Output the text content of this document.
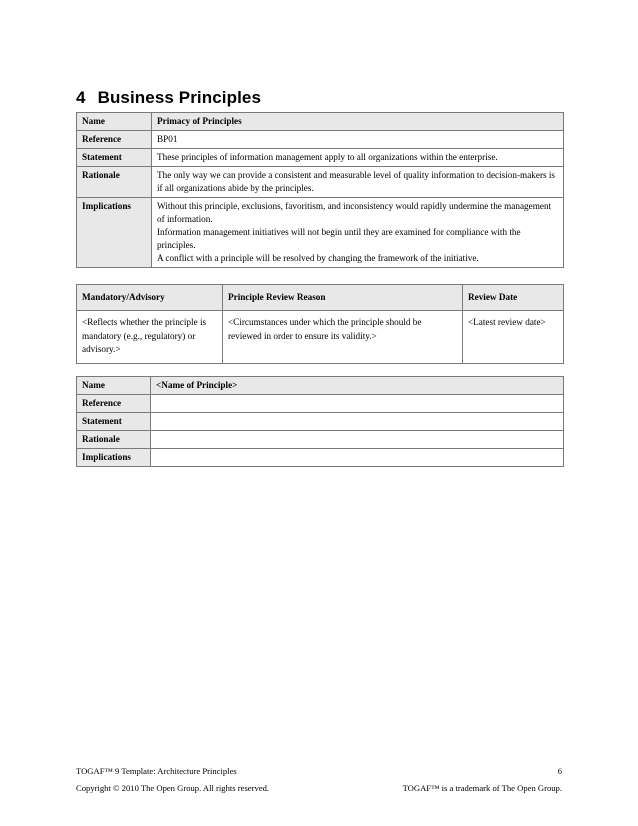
4 Business Principles
Name	Primacy of Principles
Reference	BP01
Statement	These principles of information management apply to all organizations within the enterprise.
Rationale	The only way we can provide a consistent and measurable level of quality information to decision-makers is if all organizations abide by the principles.
Implications	Without this principle, exclusions, favoritism, and inconsistency would rapidly undermine the management of information.

Information management initiatives will not begin until they are examined for compliance with the principles.

A conflict with a principle will be resolved by changing the framework of the initiative.

Mandatory/Advisory	Principle Review Reason	Review Date
<Reflects whether the principle is mandatory (e.g., regulatory) or advisory.>	<Circumstances under which the principle should be reviewed in order to ensure its validity.>	<Latest review date>
Name	<Name of Principle>
Reference	
Statement	
Rationale	
Implications	
TOGAF™ 9 Template: Architecture Principles	6
Copyright © 2010 The Open Group. All rights reserved.	TOGAF™ is a trademark of The Open Group.
